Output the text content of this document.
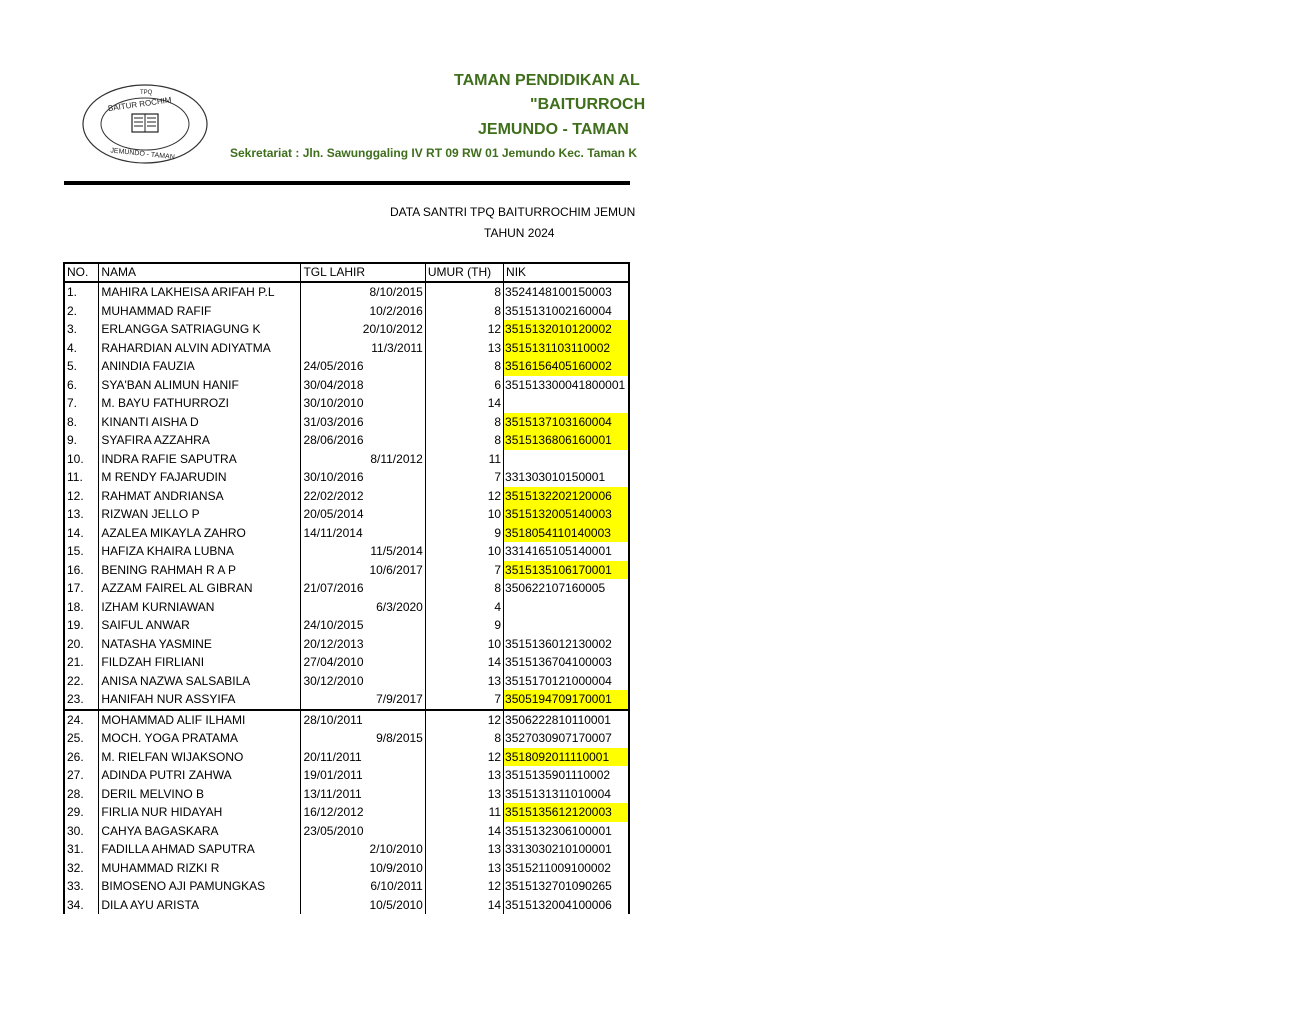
TPQ
BAITUR ROCHIM
JEMUNDO - TAMAN
TAMAN PENDIDIKAN AL
"BAITURROCH
JEMUNDO - TAMAN
Sekretariat : Jln. Sawunggaling IV RT 09 RW 01 Jemundo Kec. Taman K
DATA SANTRI TPQ BAITURROCHIM JEMUN
TAHUN 2024
NO.	NAMA	TGL LAHIR	UMUR (TH)	NIK
1.	MAHIRA LAKHEISA ARIFAH P.L	8/10/2015	8	3524148100150003
2.	MUHAMMAD RAFIF	10/2/2016	8	3515131002160004
3.	ERLANGGA SATRIAGUNG K	20/10/2012	12	3515132010120002
4.	RAHARDIAN ALVIN ADIYATMA	11/3/2011	13	3515131103110002
5.	ANINDIA FAUZIA	24/05/2016	8	3516156405160002
6.	SYA'BAN ALIMUN HANIF	30/04/2018	6	351513300041800001
7.	M. BAYU FATHURROZI	30/10/2010	14	
8.	KINANTI AISHA D	31/03/2016	8	3515137103160004
9.	SYAFIRA AZZAHRA	28/06/2016	8	3515136806160001
10.	INDRA RAFIE SAPUTRA	8/11/2012	11	
11.	M RENDY FAJARUDIN	30/10/2016	7	331303010150001
12.	RAHMAT ANDRIANSA	22/02/2012	12	3515132202120006
13.	RIZWAN JELLO P	20/05/2014	10	3515132005140003
14.	AZALEA MIKAYLA ZAHRO	14/11/2014	9	3518054110140003
15.	HAFIZA KHAIRA LUBNA	11/5/2014	10	3314165105140001
16.	BENING RAHMAH R A P	10/6/2017	7	3515135106170001
17.	AZZAM FAIREL AL GIBRAN	21/07/2016	8	350622107160005
18.	IZHAM KURNIAWAN	6/3/2020	4	
19.	SAIFUL ANWAR	24/10/2015	9	
20.	NATASHA YASMINE	20/12/2013	10	3515136012130002
21.	FILDZAH FIRLIANI	27/04/2010	14	3515136704100003
22.	ANISA NAZWA SALSABILA	30/12/2010	13	3515170121000004
23.	HANIFAH NUR ASSYIFA	7/9/2017	7	3505194709170001
24.	MOHAMMAD ALIF ILHAMI	28/10/2011	12	3506222810110001
25.	MOCH. YOGA PRATAMA	9/8/2015	8	3527030907170007
26.	M. RIELFAN WIJAKSONO	20/11/2011	12	3518092011110001
27.	ADINDA PUTRI ZAHWA	19/01/2011	13	3515135901110002
28.	DERIL MELVINO B	13/11/2011	13	3515131311010004
29.	FIRLIA NUR HIDAYAH	16/12/2012	11	3515135612120003
30.	CAHYA BAGASKARA	23/05/2010	14	3515132306100001
31.	FADILLA AHMAD SAPUTRA	2/10/2010	13	3313030210100001
32.	MUHAMMAD RIZKI R	10/9/2010	13	3515211009100002
33.	BIMOSENO AJI PAMUNGKAS	6/10/2011	12	3515132701090265
34.	DILA AYU ARISTA	10/5/2010	14	3515132004100006
